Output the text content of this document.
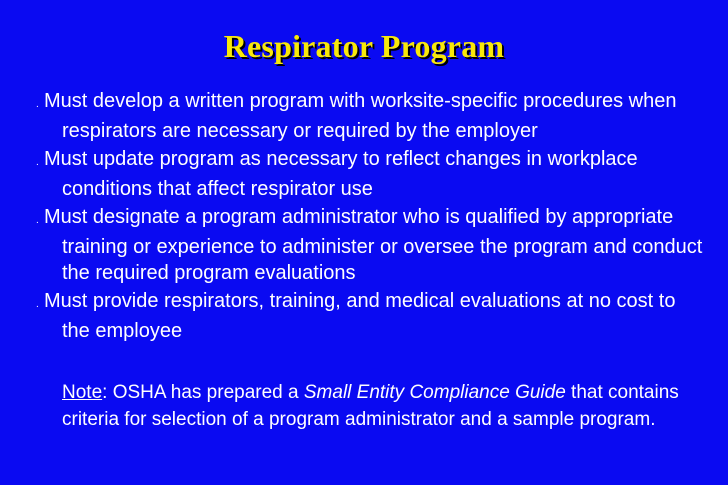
Respirator Program
. Must develop a written program with worksite-specific procedures when respirators are necessary or required by the employer
. Must update program as necessary to reflect changes in workplace conditions that affect respirator use
. Must designate a program administrator who is qualified by appropriate training or experience to administer or oversee the program and conduct the required program evaluations
. Must provide respirators, training, and medical evaluations at no cost to the employee
Note: OSHA has prepared a Small Entity Compliance Guide that contains criteria for selection of a program administrator and a sample program.
